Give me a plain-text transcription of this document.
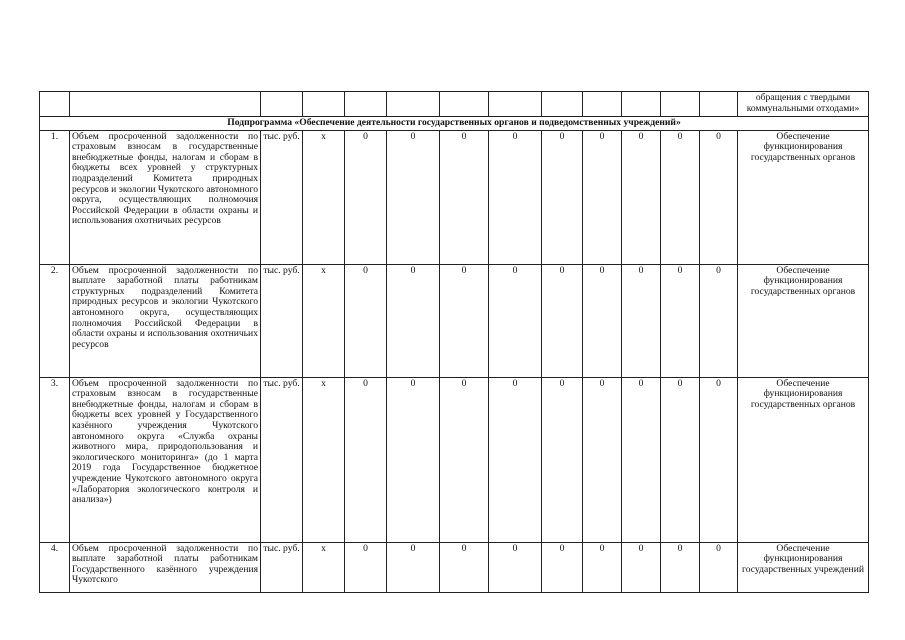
													обращения с твердыми коммунальными отходами»
Подпрограмма «Обеспечение деятельности государственных органов и подведомственных учреждений»													
1.	Объем просроченной задолженности по страховым взносам в государственные внебюджетные фонды, налогам и сборам в бюджеты всех уровней у структурных подразделений Комитета природных ресурсов и экологии Чукотского автономного округа, осуществляющих полномочия Российской Федерации в области охраны и использования охотничьих ресурсов	тыс. руб.	х	0	0	0	0	0	0	0	0	0	Обеспечение функционирования государственных органов
2.	Объем просроченной задолженности по выплате заработной платы работникам структурных подразделений Комитета природных ресурсов и экологии Чукотского автономного округа, осуществляющих полномочия Российской Федерации в области охраны и использования охотничьих ресурсов	тыс. руб.	х	0	0	0	0	0	0	0	0	0	Обеспечение функционирования государственных органов
3.	Объем просроченной задолженности по страховым взносам в государственные внебюджетные фонды, налогам и сборам в бюджеты всех уровней у Государственного казённого учреждения Чукотского автономного округа «Служба охраны животного мира, природопользования и экологического мониторинга» (до 1 марта 2019 года Государственное бюджетное учреждение Чукотского автономного округа «Лаборатория экологического контроля и анализа»)	тыс. руб.	х	0	0	0	0	0	0	0	0	0	Обеспечение функционирования государственных органов
4.	Объем просроченной задолженности по выплате заработной платы работникам Государственного казённого учреждения Чукотского	тыс. руб.	х	0	0	0	0	0	0	0	0	0	Обеспечение функционирования государственных учреждений
